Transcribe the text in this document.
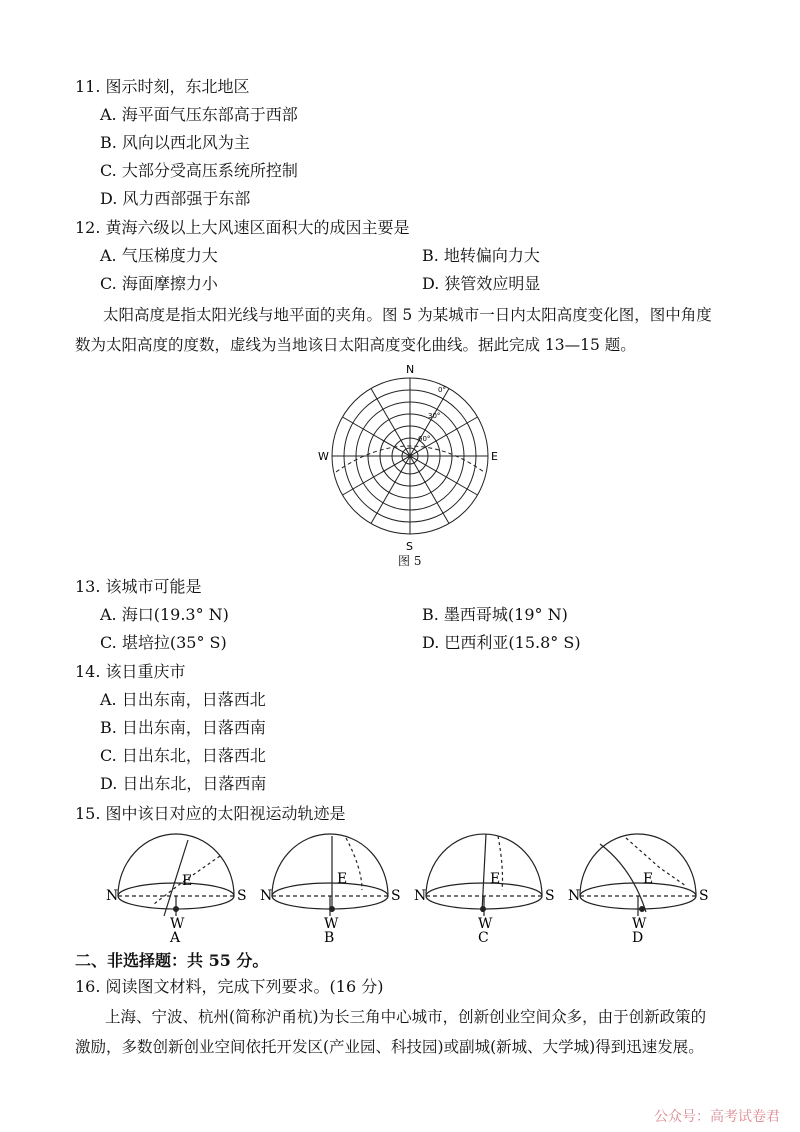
11. 图示时刻，东北地区
A. 海平面气压东部高于西部
B. 风向以西北风为主
C. 大部分受高压系统所控制
D. 风力西部强于东部
12. 黄海六级以上大风速区面积大的成因主要是
A. 气压梯度力大	B. 地转偏向力大
C. 海面摩擦力小	D. 狭管效应明显
太阳高度是指太阳光线与地平面的夹角。图 5 为某城市一日内太阳高度变化图，图中角度
数为太阳高度的度数，虚线为当地该日太阳高度变化曲线。据此完成 13—15 题。
N
S
E
W
0°
30°
60°
图 5
13. 该城市可能是
A. 海口(19.3° N)	B. 墨西哥城(19° N)
C. 堪培拉(35° S)	D. 巴西利亚(15.8° S)
14. 该日重庆市
A. 日出东南，日落西北
B. 日出东南，日落西南
C. 日出东北，日落西北
D. 日出东北，日落西南
15. 图中该日对应的太阳视运动轨迹是
N	S
E
W
A
N	S
E
W
B
N	S
E
W
C
N	S
E
W
D
二、非选择题：共 55 分。
16. 阅读图文材料，完成下列要求。(16 分)
上海、宁波、杭州(简称沪甬杭)为长三角中心城市，创新创业空间众多，由于创新政策的
激励，多数创新创业空间依托开发区(产业园、科技园)或副城(新城、大学城)得到迅速发展。
公众号：高考试卷君
